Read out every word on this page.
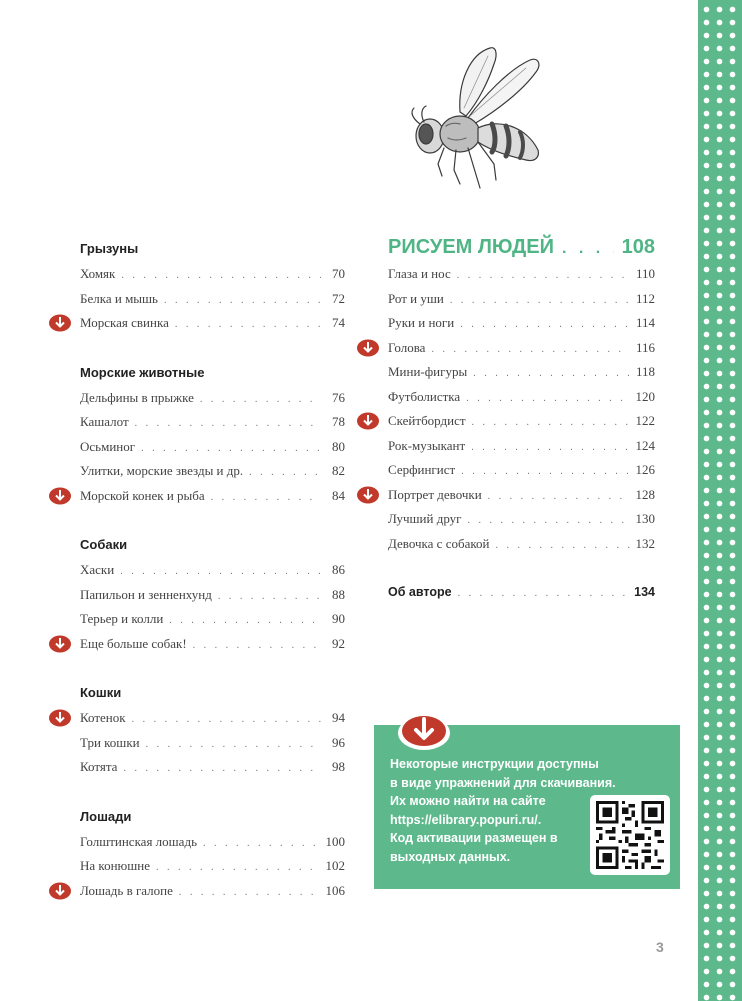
Грызуны
Хомяк . . .	70
Белка и мышь . . .	72
Морская свинка . . .	74
Морские животные
Дельфины в прыжке . . .	76
Кашалот . . .	78
Осьминог . . .	80
Улитки, морские звезды и др. . . .	82
Морской конек и рыба . . .	84
Собаки
Хаски . . .	86
Папильон и зенненхунд . . .	88
Терьер и колли . . .	90
Еще больше собак! . . .	92
Кошки
Котенок . . .	94
Три кошки . . .	96
Котята . . .	98
Лошади
Голштинская лошадь . . .	100
На конюшне . . .	102
Лошадь в галопе . . .	106
РИСУЕМ ЛЮДЕЙ . . .	108
Глаза и нос . . .	110
Рот и уши . . .	112
Руки и ноги . . .	114
Голова . . .	116
Мини-фигуры . . .	118
Футболистка . . .	120
Скейтбордист . . .	122
Рок-музыкант . . .	124
Серфингист . . .	126
Портрет девочки . . .	128
Лучший друг . . .	130
Девочка с собакой . . .	132
Об авторе . . .	134

Некоторые инструкции доступны
в виде упражнений для скачивания.
Их можно найти на сайте
https://elibrary.popuri.ru/.
Код активации размещен в
выходных данных.

3
